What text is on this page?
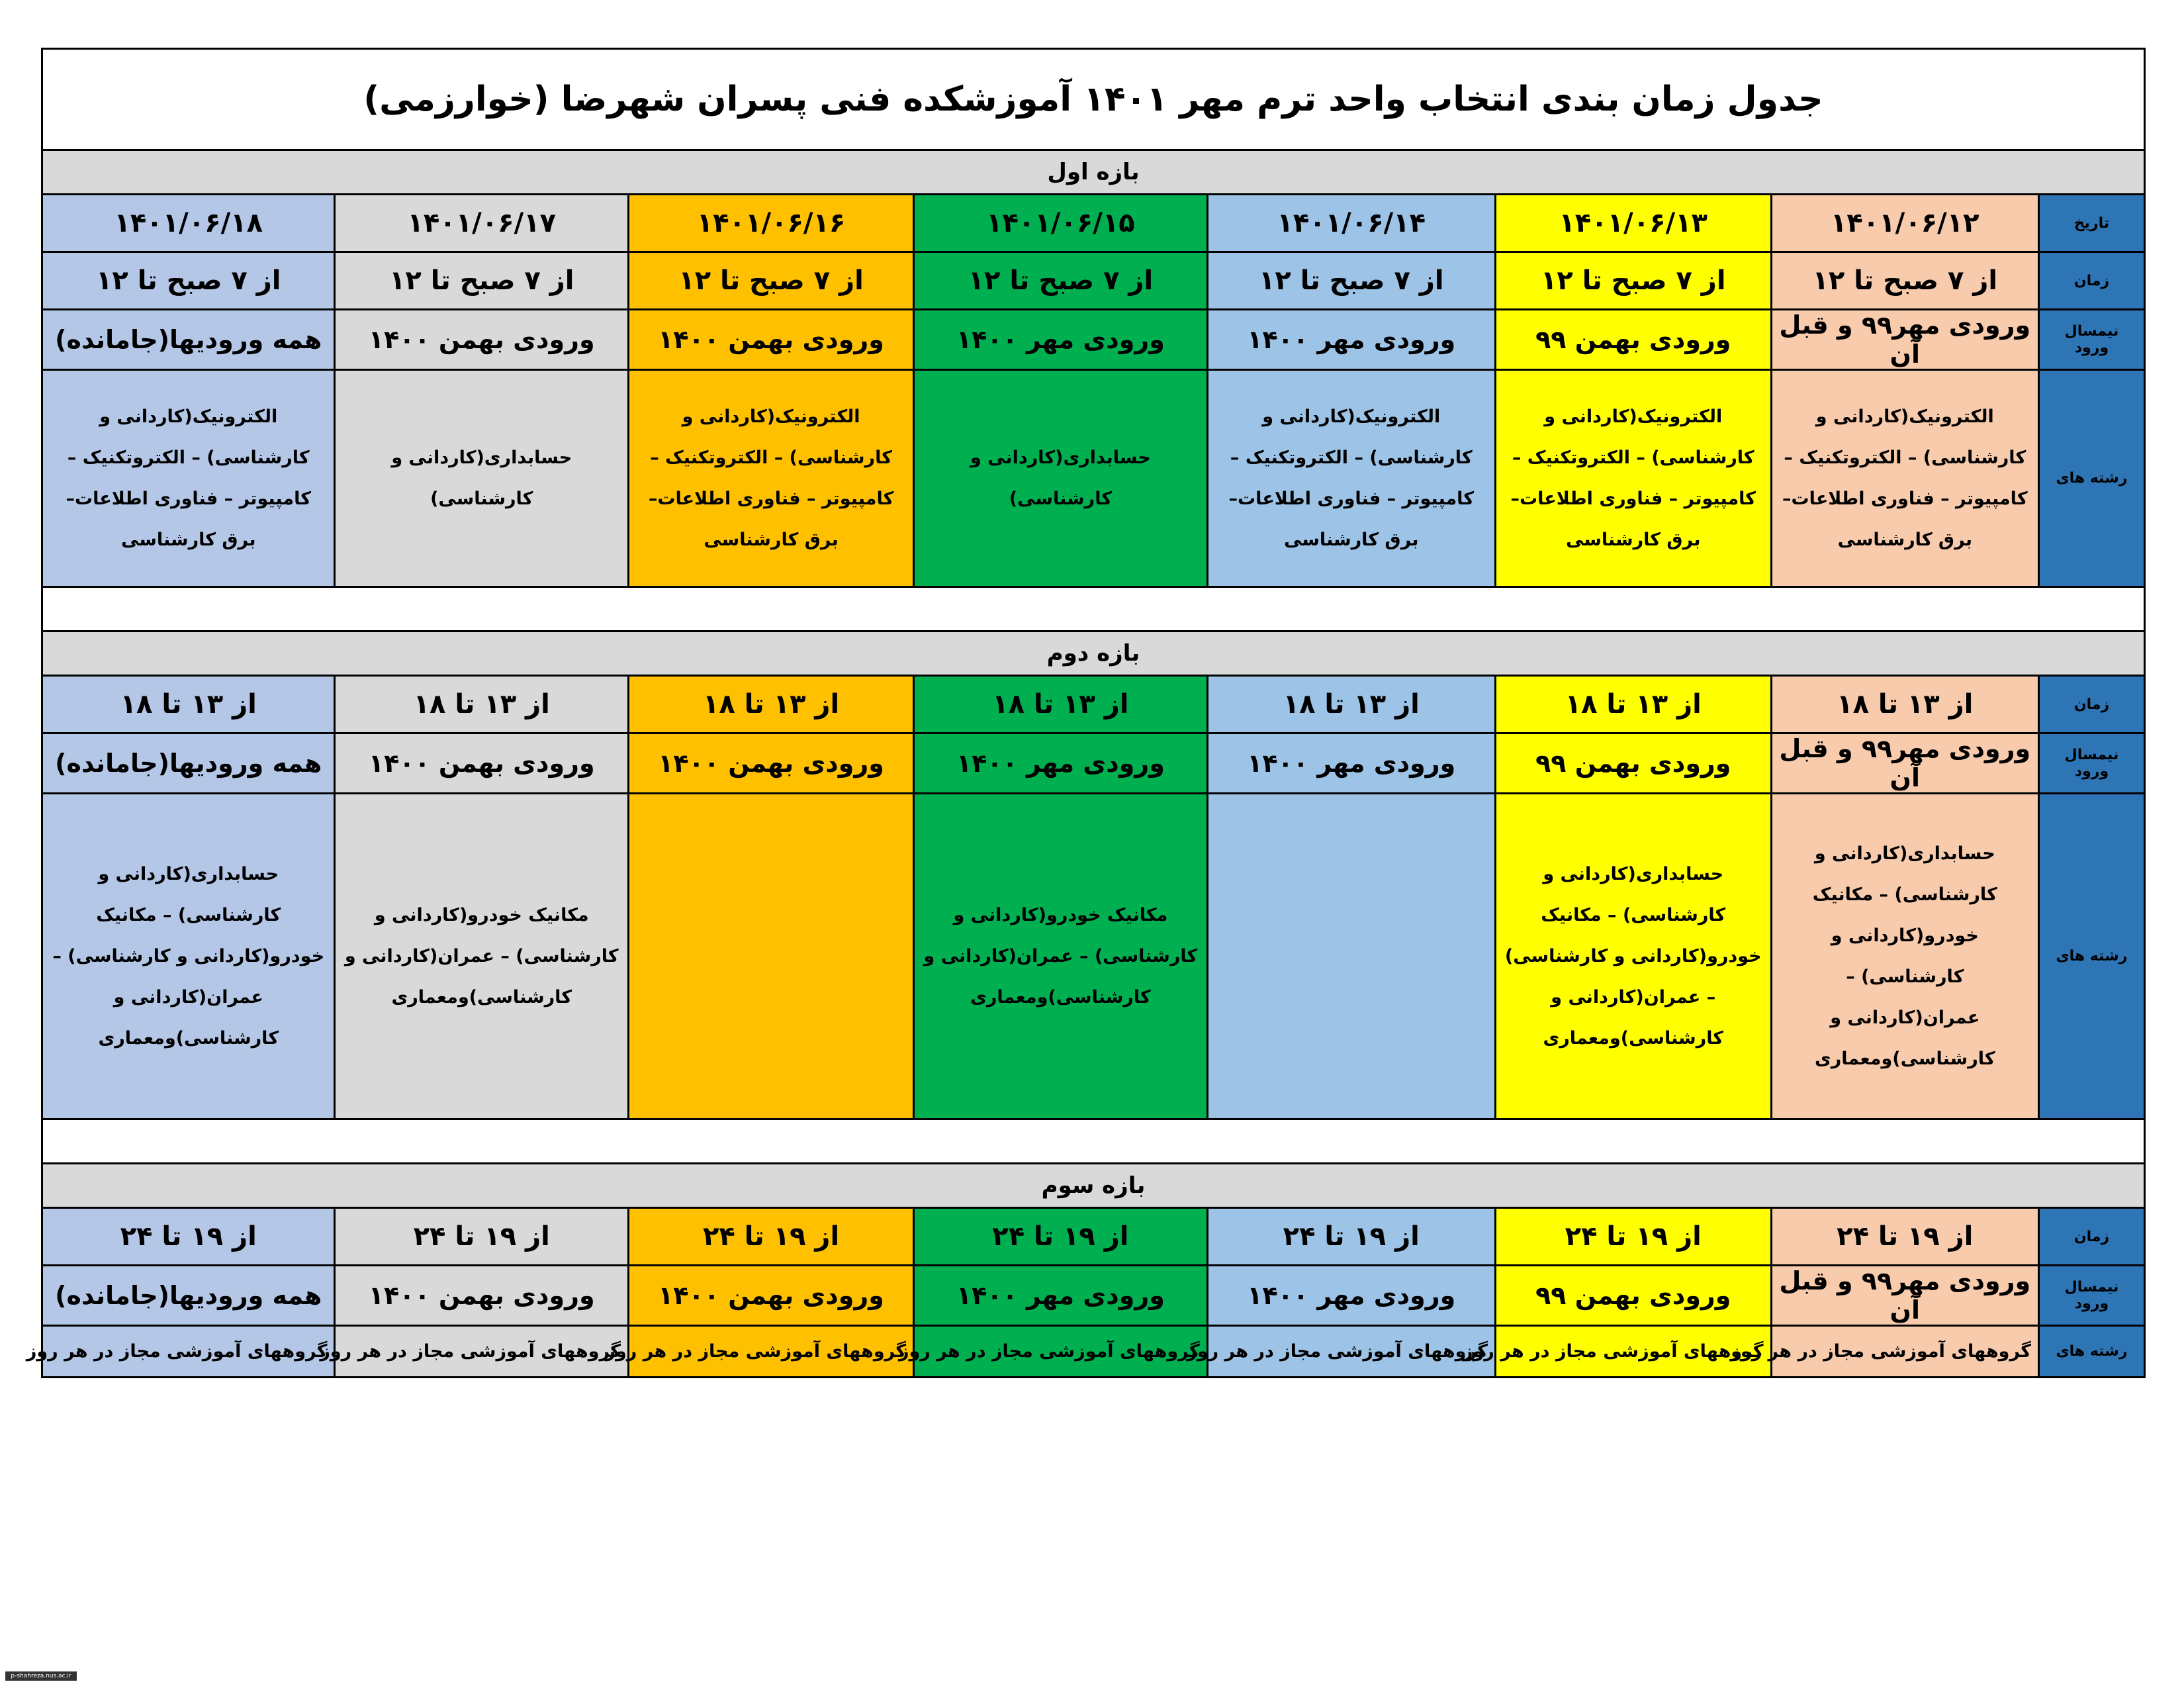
جدول زمان بندی انتخاب واحد ترم مهر ۱۴۰۱ آموزشکده فنی پسران شهرضا (خوارزمی)							
بازه اول							
۱۴۰۱/۰۶/۱۸	۱۴۰۱/۰۶/۱۷	۱۴۰۱/۰۶/۱۶	۱۴۰۱/۰۶/۱۵	۱۴۰۱/۰۶/۱۴	۱۴۰۱/۰۶/۱۳	۱۴۰۱/۰۶/۱۲	تاریخ
از ۷ صبح تا ۱۲	از ۷ صبح تا ۱۲	از ۷ صبح تا ۱۲	از ۷ صبح تا ۱۲	از ۷ صبح تا ۱۲	از ۷ صبح تا ۱۲	از ۷ صبح تا ۱۲	زمان
همه ورودیها(جامانده)	ورودی بهمن ۱۴۰۰	ورودی بهمن ۱۴۰۰	ورودی مهر ۱۴۰۰	ورودی مهر ۱۴۰۰	ورودی بهمن ۹۹	ورودی مهر۹۹ و قبل آن	نیمسال ورود
الکترونیک(کاردانی و کارشناسی) – الکتروتکنیک – کامپیوتر – فناوری اطلاعات– برق کارشناسی	حسابداری(کاردانی و کارشناسی)	الکترونیک(کاردانی و کارشناسی) – الکتروتکنیک – کامپیوتر – فناوری اطلاعات– برق کارشناسی	حسابداری(کاردانی و کارشناسی)	الکترونیک(کاردانی و کارشناسی) – الکتروتکنیک – کامپیوتر – فناوری اطلاعات– برق کارشناسی	الکترونیک(کاردانی و کارشناسی) – الکتروتکنیک – کامپیوتر – فناوری اطلاعات– برق کارشناسی	الکترونیک(کاردانی و کارشناسی) – الکتروتکنیک – کامپیوتر – فناوری اطلاعات– برق کارشناسی	رشته های

بازه دوم							
از ۱۳ تا ۱۸	از ۱۳ تا ۱۸	از ۱۳ تا ۱۸	از ۱۳ تا ۱۸	از ۱۳ تا ۱۸	از ۱۳ تا ۱۸	از ۱۳ تا ۱۸	زمان
همه ورودیها(جامانده)	ورودی بهمن ۱۴۰۰	ورودی بهمن ۱۴۰۰	ورودی مهر ۱۴۰۰	ورودی مهر ۱۴۰۰	ورودی بهمن ۹۹	ورودی مهر۹۹ و قبل آن	نیمسال ورود
حسابداری(کاردانی و کارشناسی) – مکانیک خودرو(کاردانی و کارشناسی) – عمران(کاردانی و کارشناسی)ومعماری	مکانیک خودرو(کاردانی و کارشناسی) – عمران(کاردانی و کارشناسی)ومعماری		مکانیک خودرو(کاردانی و کارشناسی) – عمران(کاردانی و کارشناسی)ومعماری		حسابداری(کاردانی و کارشناسی) – مکانیک خودرو(کاردانی و کارشناسی) – عمران(کاردانی و کارشناسی)ومعماری	حسابداری(کاردانی و کارشناسی) – مکانیک خودرو(کاردانی و کارشناسی) – عمران(کاردانی و کارشناسی)ومعماری	رشته های

بازه سوم							
از ۱۹ تا ۲۴	از ۱۹ تا ۲۴	از ۱۹ تا ۲۴	از ۱۹ تا ۲۴	از ۱۹ تا ۲۴	از ۱۹ تا ۲۴	از ۱۹ تا ۲۴	زمان
همه ورودیها(جامانده)	ورودی بهمن ۱۴۰۰	ورودی بهمن ۱۴۰۰	ورودی مهر ۱۴۰۰	ورودی مهر ۱۴۰۰	ورودی بهمن ۹۹	ورودی مهر۹۹ و قبل آن	نیمسال ورود
گروههای آموزشی مجاز در هر روز	گروههای آموزشی مجاز در هر روز	گروههای آموزشی مجاز در هر روز	گروههای آموزشی مجاز در هر روز	گروههای آموزشی مجاز در هر روز	گروههای آموزشی مجاز در هر روز	گروههای آموزشی مجاز در هر روز	رشته های
p-shahreza.nus.ac.ir
